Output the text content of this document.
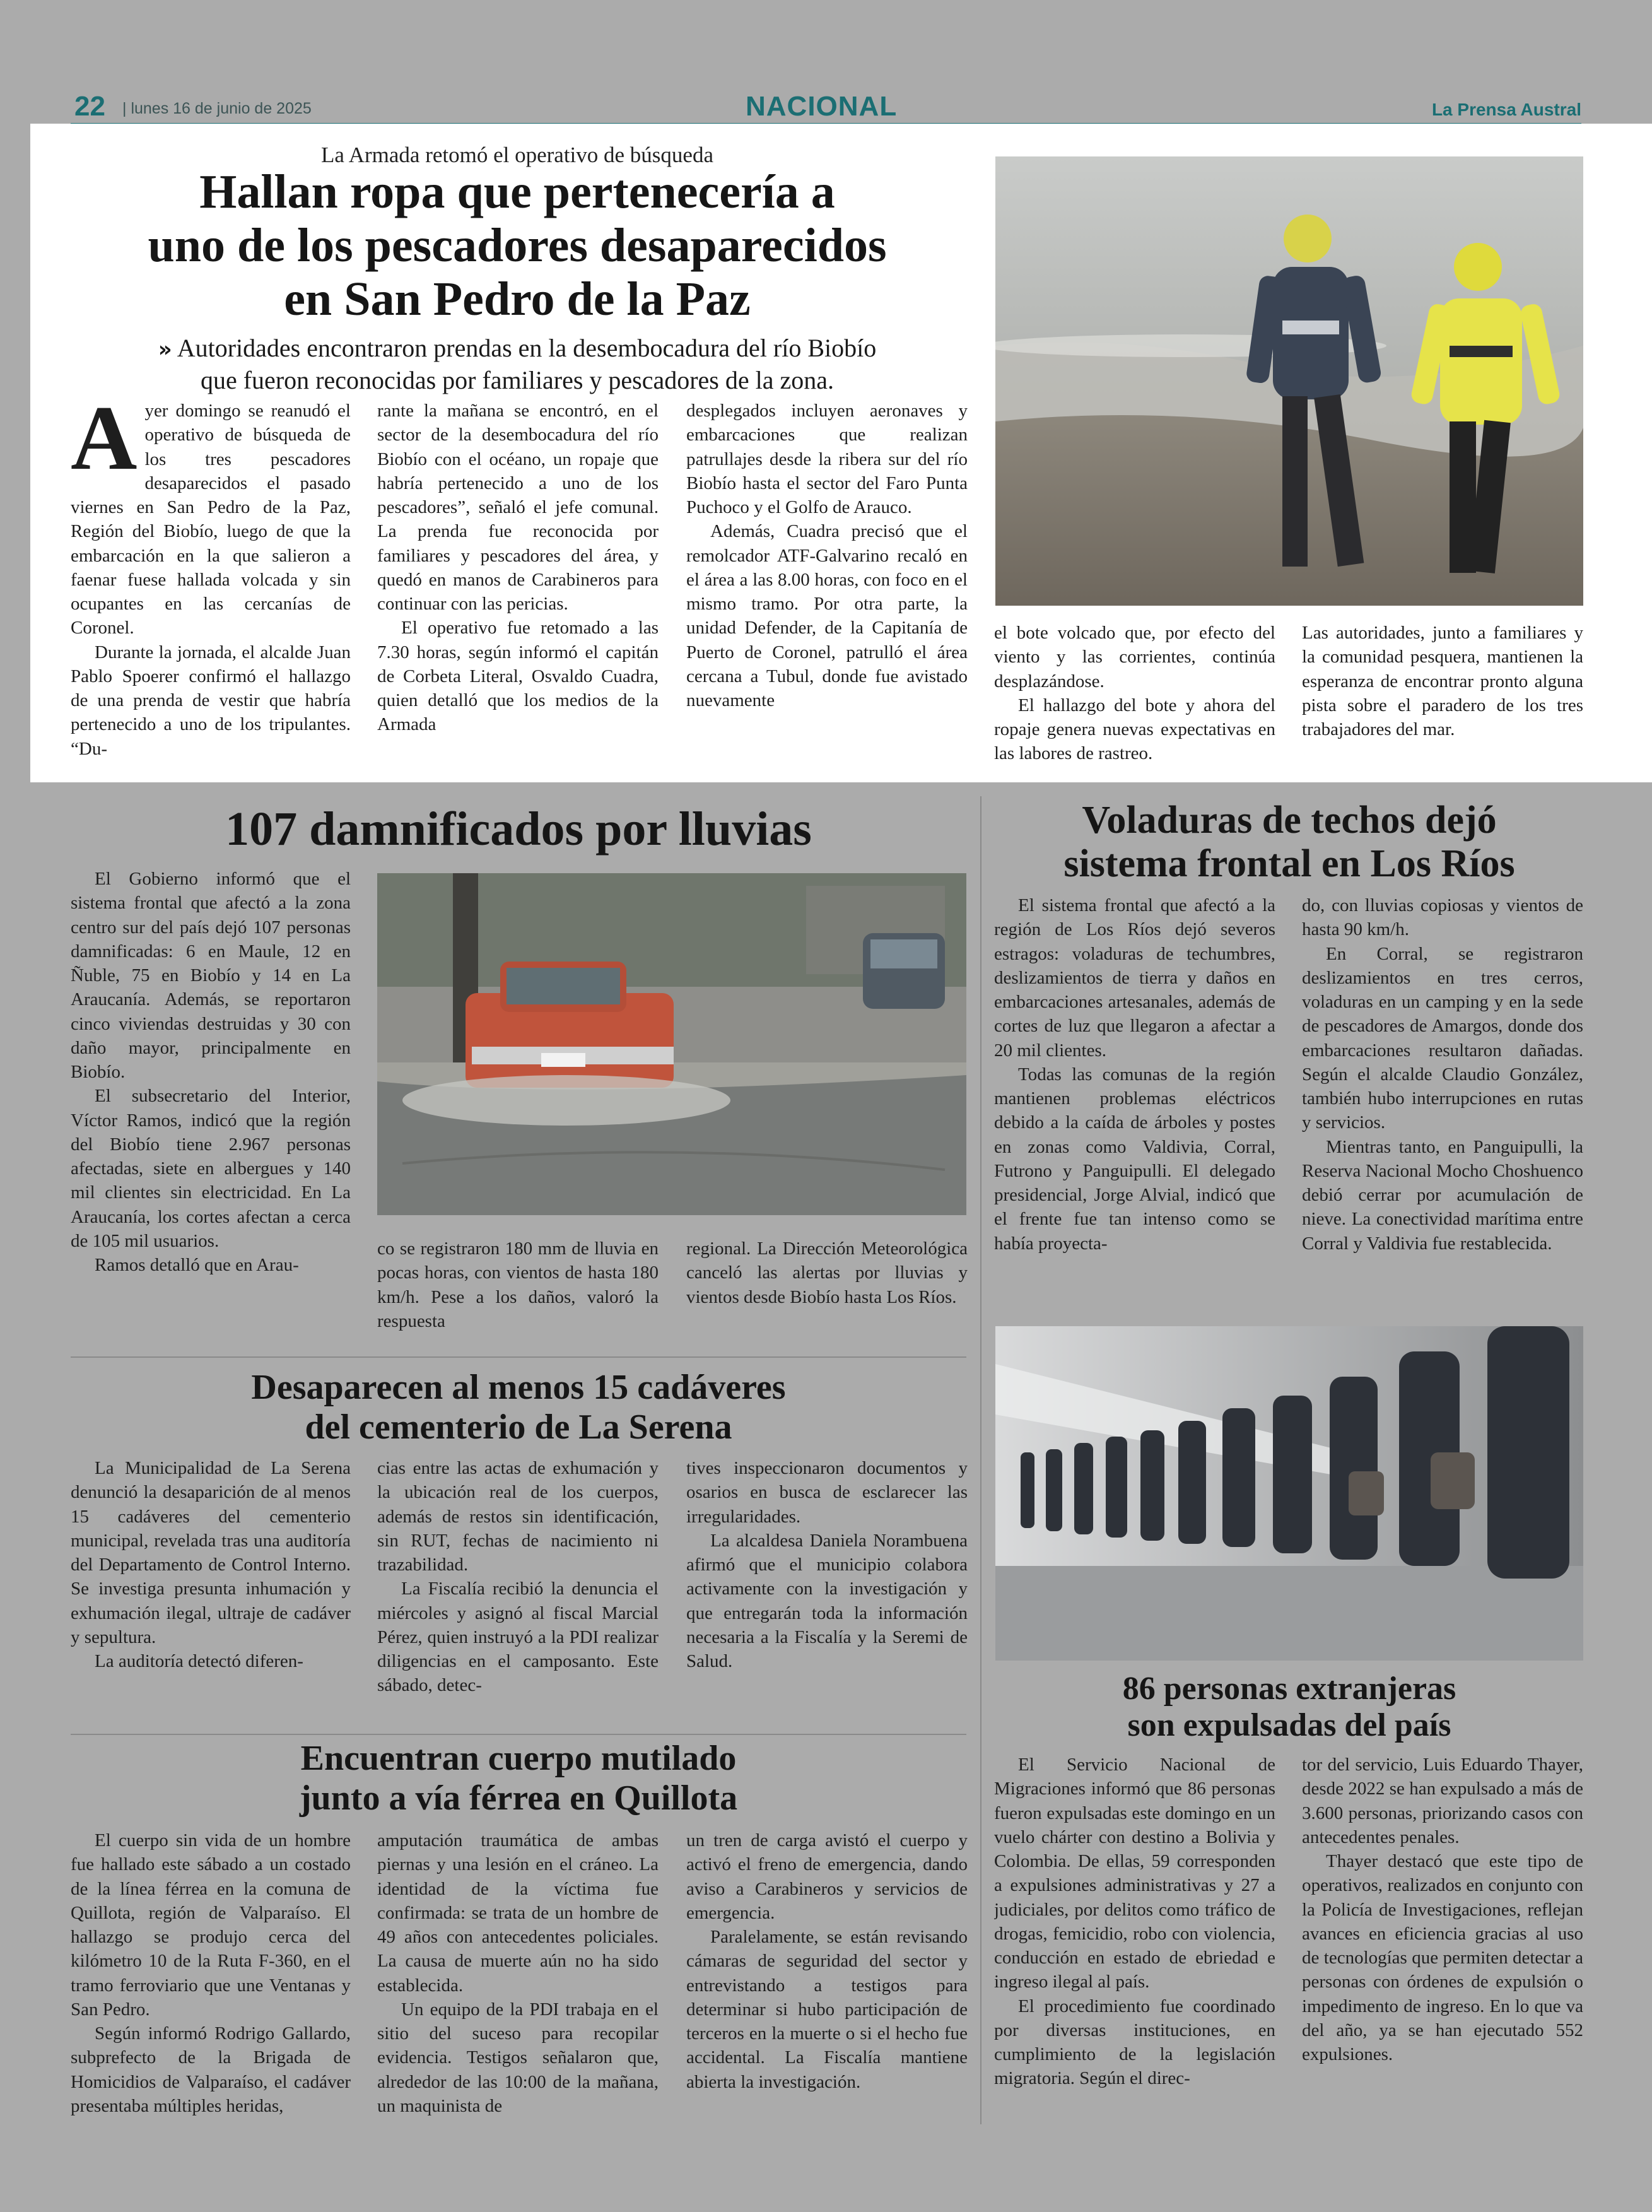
22 | lunes 16 de junio de 2025	NACIONAL	La Prensa Austral
La Armada retomó el operativo de búsqueda
Hallan ropa que pertenecería a
uno de los pescadores desaparecidos
en San Pedro de la Paz
» Autoridades encontraron prendas en la desembocadura del río Biobío
que fueron reconocidas por familiares y pescadores de la zona.

Ayer domingo se reanudó el operativo de búsqueda de los tres pescadores desaparecidos el pasado viernes en San Pedro de la Paz, Región del Biobío, luego de que la embarcación en la que salieron a faenar fuese hallada volcada y sin ocupantes en las cercanías de Coronel.

Durante la jornada, el alcalde Juan Pablo Spoerer confirmó el hallazgo de una prenda de vestir que habría pertenecido a uno de los tripulantes. “Du-

rante la mañana se encontró, en el sector de la desembocadura del río Biobío con el océano, un ropaje que habría pertenecido a uno de los pescadores”, señaló el jefe comunal. La prenda fue reconocida por familiares y pescadores del área, y quedó en manos de Carabineros para continuar con las pericias.

El operativo fue retomado a las 7.30 horas, según informó el capitán de Corbeta Literal, Osvaldo Cuadra, quien detalló que los medios de la Armada

desplegados incluyen aeronaves y embarcaciones que realizan patrullajes desde la ribera sur del río Biobío hasta el sector del Faro Punta Puchoco y el Golfo de Arauco.

Además, Cuadra precisó que el remolcador ATF-Galvarino recaló en el área a las 8.00 horas, con foco en el mismo tramo. Por otra parte, la unidad Defender, de la Capitanía de Puerto de Coronel, patrulló el área cercana a Tubul, donde fue avistado nuevamente

el bote volcado que, por efecto del viento y las corrientes, continúa desplazándose.

El hallazgo del bote y ahora del ropaje genera nuevas expectativas en las labores de rastreo.

Las autoridades, junto a familiares y la comunidad pesquera, mantienen la esperanza de encontrar pronto alguna pista sobre el paradero de los tres trabajadores del mar.

107 damnificados por lluvias

El Gobierno informó que el sistema frontal que afectó a la zona centro sur del país dejó 107 personas damnificadas: 6 en Maule, 12 en Ñuble, 75 en Biobío y 14 en La Araucanía. Además, se reportaron cinco viviendas destruidas y 30 con daño mayor, principalmente en Biobío.

El subsecretario del Interior, Víctor Ramos, indicó que la región del Biobío tiene 2.967 personas afectadas, siete en albergues y 140 mil clientes sin electricidad. En La Araucanía, los cortes afectan a cerca de 105 mil usuarios.

Ramos detalló que en Arau-

co se registraron 180 mm de lluvia en pocas horas, con vientos de hasta 180 km/h. Pese a los daños, valoró la respuesta

regional. La Dirección Meteorológica canceló las alertas por lluvias y vientos desde Biobío hasta Los Ríos.

Voladuras de techos dejó
sistema frontal en Los Ríos

El sistema frontal que afectó a la región de Los Ríos dejó severos estragos: voladuras de techumbres, deslizamientos de tierra y daños en embarcaciones artesanales, además de cortes de luz que llegaron a afectar a 20 mil clientes.

Todas las comunas de la región mantienen problemas eléctricos debido a la caída de árboles y postes en zonas como Valdivia, Corral, Futrono y Panguipulli. El delegado presidencial, Jorge Alvial, indicó que el frente fue tan intenso como se había proyecta-

do, con lluvias copiosas y vientos de hasta 90 km/h.

En Corral, se registraron deslizamientos en tres cerros, voladuras en un camping y en la sede de pescadores de Amargos, donde dos embarcaciones resultaron dañadas. Según el alcalde Claudio González, también hubo interrupciones en rutas y servicios.

Mientras tanto, en Panguipulli, la Reserva Nacional Mocho Choshuenco debió cerrar por acumulación de nieve. La conectividad marítima entre Corral y Valdivia fue restablecida.

86 personas extranjeras
son expulsadas del país

El Servicio Nacional de Migraciones informó que 86 personas fueron expulsadas este domingo en un vuelo chárter con destino a Bolivia y Colombia. De ellas, 59 corresponden a expulsiones administrativas y 27 a judiciales, por delitos como tráfico de drogas, femicidio, robo con violencia, conducción en estado de ebriedad e ingreso ilegal al país.

El procedimiento fue coordinado por diversas instituciones, en cumplimiento de la legislación migratoria. Según el direc-

tor del servicio, Luis Eduardo Thayer, desde 2022 se han expulsado a más de 3.600 personas, priorizando casos con antecedentes penales.

Thayer destacó que este tipo de operativos, realizados en conjunto con la Policía de Investigaciones, reflejan avances en eficiencia gracias al uso de tecnologías que permiten detectar a personas con órdenes de expulsión o impedimento de ingreso. En lo que va del año, ya se han ejecutado 552 expulsiones.

Desaparecen al menos 15 cadáveres
del cementerio de La Serena

La Municipalidad de La Serena denunció la desaparición de al menos 15 cadáveres del cementerio municipal, revelada tras una auditoría del Departamento de Control Interno. Se investiga presunta inhumación y exhumación ilegal, ultraje de cadáver y sepultura.

La auditoría detectó diferen-

cias entre las actas de exhumación y la ubicación real de los cuerpos, además de restos sin identificación, sin RUT, fechas de nacimiento ni trazabilidad.

La Fiscalía recibió la denuncia el miércoles y asignó al fiscal Marcial Pérez, quien instruyó a la PDI realizar diligencias en el camposanto. Este sábado, detec-

tives inspeccionaron documentos y osarios en busca de esclarecer las irregularidades.

La alcaldesa Daniela Norambuena afirmó que el municipio colabora activamente con la investigación y que entregarán toda la información necesaria a la Fiscalía y la Seremi de Salud.

Encuentran cuerpo mutilado
junto a vía férrea en Quillota

El cuerpo sin vida de un hombre fue hallado este sábado a un costado de la línea férrea en la comuna de Quillota, región de Valparaíso. El hallazgo se produjo cerca del kilómetro 10 de la Ruta F-360, en el tramo ferroviario que une Ventanas y San Pedro.

Según informó Rodrigo Gallardo, subprefecto de la Brigada de Homicidios de Valparaíso, el cadáver presentaba múltiples heridas,

amputación traumática de ambas piernas y una lesión en el cráneo. La identidad de la víctima fue confirmada: se trata de un hombre de 49 años con antecedentes policiales. La causa de muerte aún no ha sido establecida.

Un equipo de la PDI trabaja en el sitio del suceso para recopilar evidencia. Testigos señalaron que, alrededor de las 10:00 de la mañana, un maquinista de

un tren de carga avistó el cuerpo y activó el freno de emergencia, dando aviso a Carabineros y servicios de emergencia.

Paralelamente, se están revisando cámaras de seguridad del sector y entrevistando a testigos para determinar si hubo participación de terceros en la muerte o si el hecho fue accidental. La Fiscalía mantiene abierta la investigación.
